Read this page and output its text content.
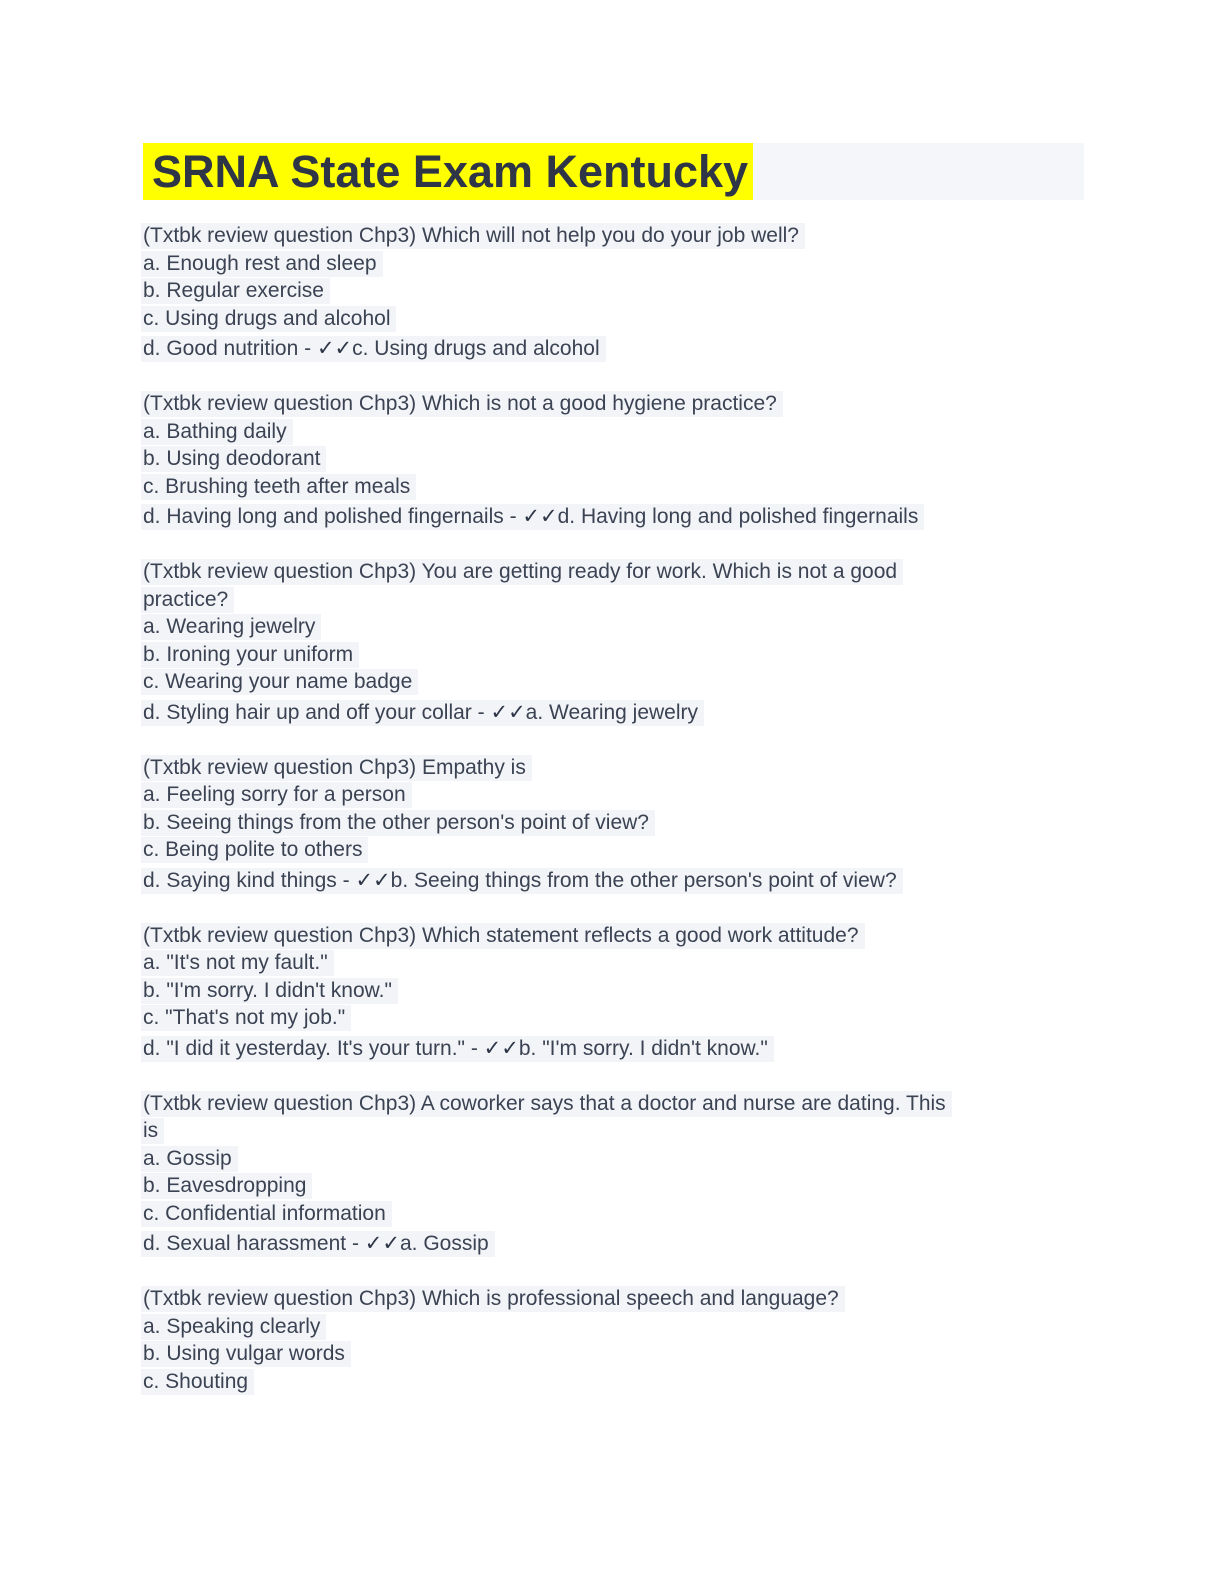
SRNA State Exam Kentucky
(Txtbk review question Chp3) Which will not help you do your job well?
a. Enough rest and sleep
b. Regular exercise
c. Using drugs and alcohol
d. Good nutrition - ✓✓c. Using drugs and alcohol
(Txtbk review question Chp3) Which is not a good hygiene practice?
a. Bathing daily
b. Using deodorant
c. Brushing teeth after meals
d. Having long and polished fingernails - ✓✓d. Having long and polished fingernails
(Txtbk review question Chp3) You are getting ready for work. Which is not a good
practice?
a. Wearing jewelry
b. Ironing your uniform
c. Wearing your name badge
d. Styling hair up and off your collar - ✓✓a. Wearing jewelry
(Txtbk review question Chp3) Empathy is
a. Feeling sorry for a person
b. Seeing things from the other person's point of view?
c. Being polite to others
d. Saying kind things - ✓✓b. Seeing things from the other person's point of view?
(Txtbk review question Chp3) Which statement reflects a good work attitude?
a. "It's not my fault."
b. "I'm sorry. I didn't know."
c. "That's not my job."
d. "I did it yesterday. It's your turn." - ✓✓b. "I'm sorry. I didn't know."
(Txtbk review question Chp3) A coworker says that a doctor and nurse are dating. This
is
a. Gossip
b. Eavesdropping
c. Confidential information
d. Sexual harassment - ✓✓a. Gossip
(Txtbk review question Chp3) Which is professional speech and language?
a. Speaking clearly
b. Using vulgar words
c. Shouting
